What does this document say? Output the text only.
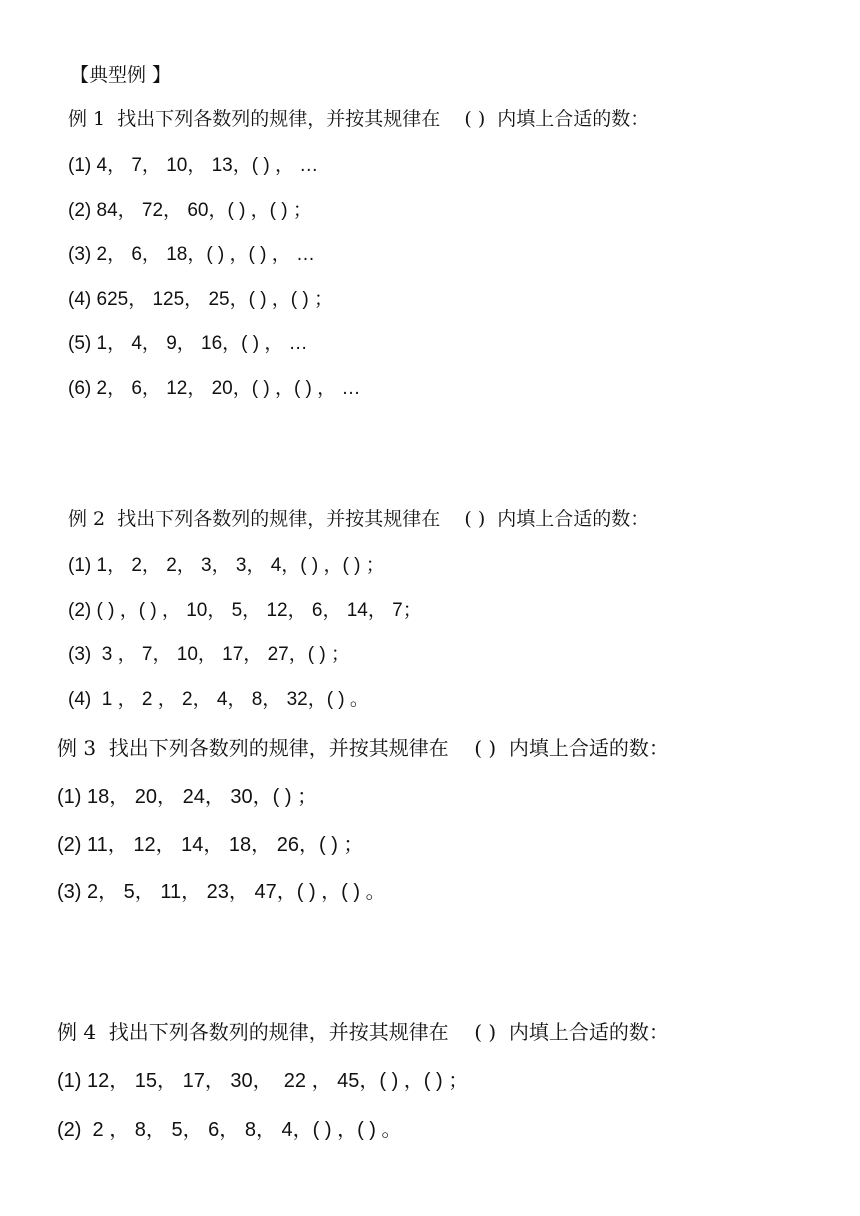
【典型例 】
例 1  找出下列各数列的规律，并按其规律在    ( )  内填上合适的数：
(1) 4， 7， 10， 13，( ) ， …
(2) 84， 72， 60，( ) ，( ) ；
(3) 2， 6， 18，( ) ，( ) ， …
(4) 625， 125， 25，( ) ，( ) ；
(5) 1， 4， 9， 16，( ) ， …
(6) 2， 6， 12， 20，( ) ，( ) ， …
例 2  找出下列各数列的规律，并按其规律在    ( )  内填上合适的数：
(1) 1， 2， 2， 3， 3， 4，( ) ，( ) ；
(2) ( ) ，( ) ， 10， 5， 12， 6， 14， 7；
(3)  3 ， 7， 10， 17， 27，( ) ；
(4)  1 ， 2 ， 2， 4， 8， 32，( ) 。
例 3  找出下列各数列的规律，并按其规律在    ( )  内填上合适的数：
(1) 18， 20， 24， 30，( ) ；
(2) 11， 12， 14， 18， 26，( ) ；
(3) 2， 5， 11， 23， 47，( ) ，( ) 。
例 4  找出下列各数列的规律，并按其规律在    ( )  内填上合适的数：
(1) 12， 15， 17， 30，  22 ， 45，( ) ，( ) ；
(2)  2 ， 8， 5， 6， 8， 4，( ) ，( ) 。
